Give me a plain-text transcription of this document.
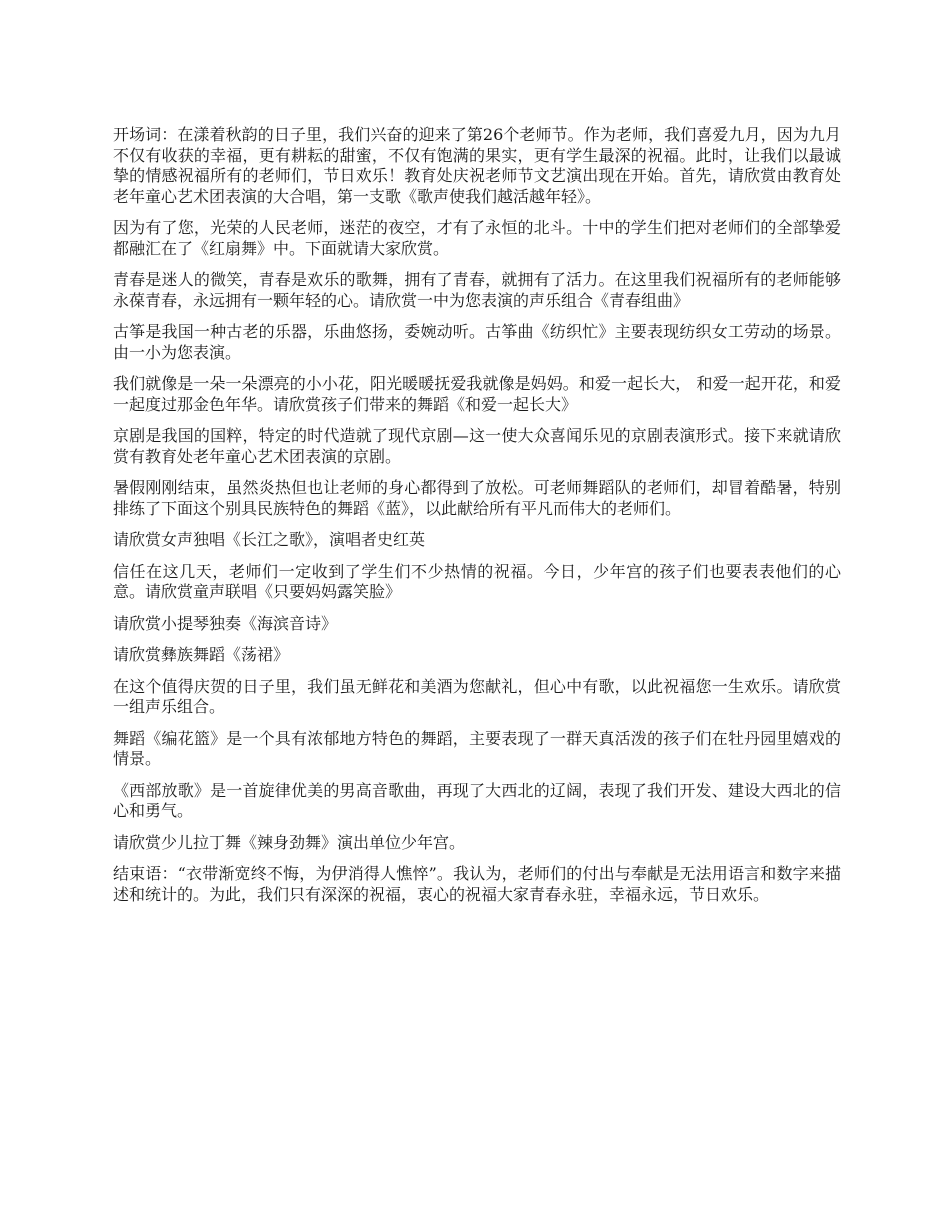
开场词：在漾着秋韵的日子里，我们兴奋的迎来了第26个老师节。作为老师，我们喜爱九月，因为九月不仅有收获的幸福，更有耕耘的甜蜜，不仅有饱满的果实，更有学生最深的祝福。此时，让我们以最诚挚的情感祝福所有的老师们，节日欢乐！教育处庆祝老师节文艺演出现在开始。首先，请欣赏由教育处老年童心艺术团表演的大合唱，第一支歌《歌声使我们越活越年轻》。

因为有了您，光荣的人民老师，迷茫的夜空，才有了永恒的北斗。十中的学生们把对老师们的全部挚爱都融汇在了《红扇舞》中。下面就请大家欣赏。

青春是迷人的微笑，青春是欢乐的歌舞，拥有了青春，就拥有了活力。在这里我们祝福所有的老师能够永葆青春，永远拥有一颗年轻的心。请欣赏一中为您表演的声乐组合《青春组曲》

古筝是我国一种古老的乐器，乐曲悠扬，委婉动听。古筝曲《纺织忙》主要表现纺织女工劳动的场景。由一小为您表演。

我们就像是一朵一朵漂亮的小小花，阳光暖暖抚爱我就像是妈妈。和爱一起长大， 和爱一起开花，和爱一起度过那金色年华。请欣赏孩子们带来的舞蹈《和爱一起长大》

京剧是我国的国粹，特定的时代造就了现代京剧—这一使大众喜闻乐见的京剧表演形式。接下来就请欣赏有教育处老年童心艺术团表演的京剧。

暑假刚刚结束，虽然炎热但也让老师的身心都得到了放松。可老师舞蹈队的老师们，却冒着酷暑，特别排练了下面这个别具民族特色的舞蹈《蓝》，以此献给所有平凡而伟大的老师们。

请欣赏女声独唱《长江之歌》，演唱者史红英

信任在这几天，老师们一定收到了学生们不少热情的祝福。今日，少年宫的孩子们也要表表他们的心意。请欣赏童声联唱《只要妈妈露笑脸》

请欣赏小提琴独奏《海滨音诗》

请欣赏彝族舞蹈《荡裙》

在这个值得庆贺的日子里，我们虽无鲜花和美酒为您献礼，但心中有歌，以此祝福您一生欢乐。请欣赏一组声乐组合。

舞蹈《编花篮》是一个具有浓郁地方特色的舞蹈，主要表现了一群天真活泼的孩子们在牡丹园里嬉戏的情景。

《西部放歌》是一首旋律优美的男高音歌曲，再现了大西北的辽阔，表现了我们开发、建设大西北的信心和勇气。

请欣赏少儿拉丁舞《辣身劲舞》演出单位少年宫。

结束语：“衣带渐宽终不悔，为伊消得人憔悴”。我认为，老师们的付出与奉献是无法用语言和数字来描述和统计的。为此，我们只有深深的祝福，衷心的祝福大家青春永驻，幸福永远，节日欢乐。
